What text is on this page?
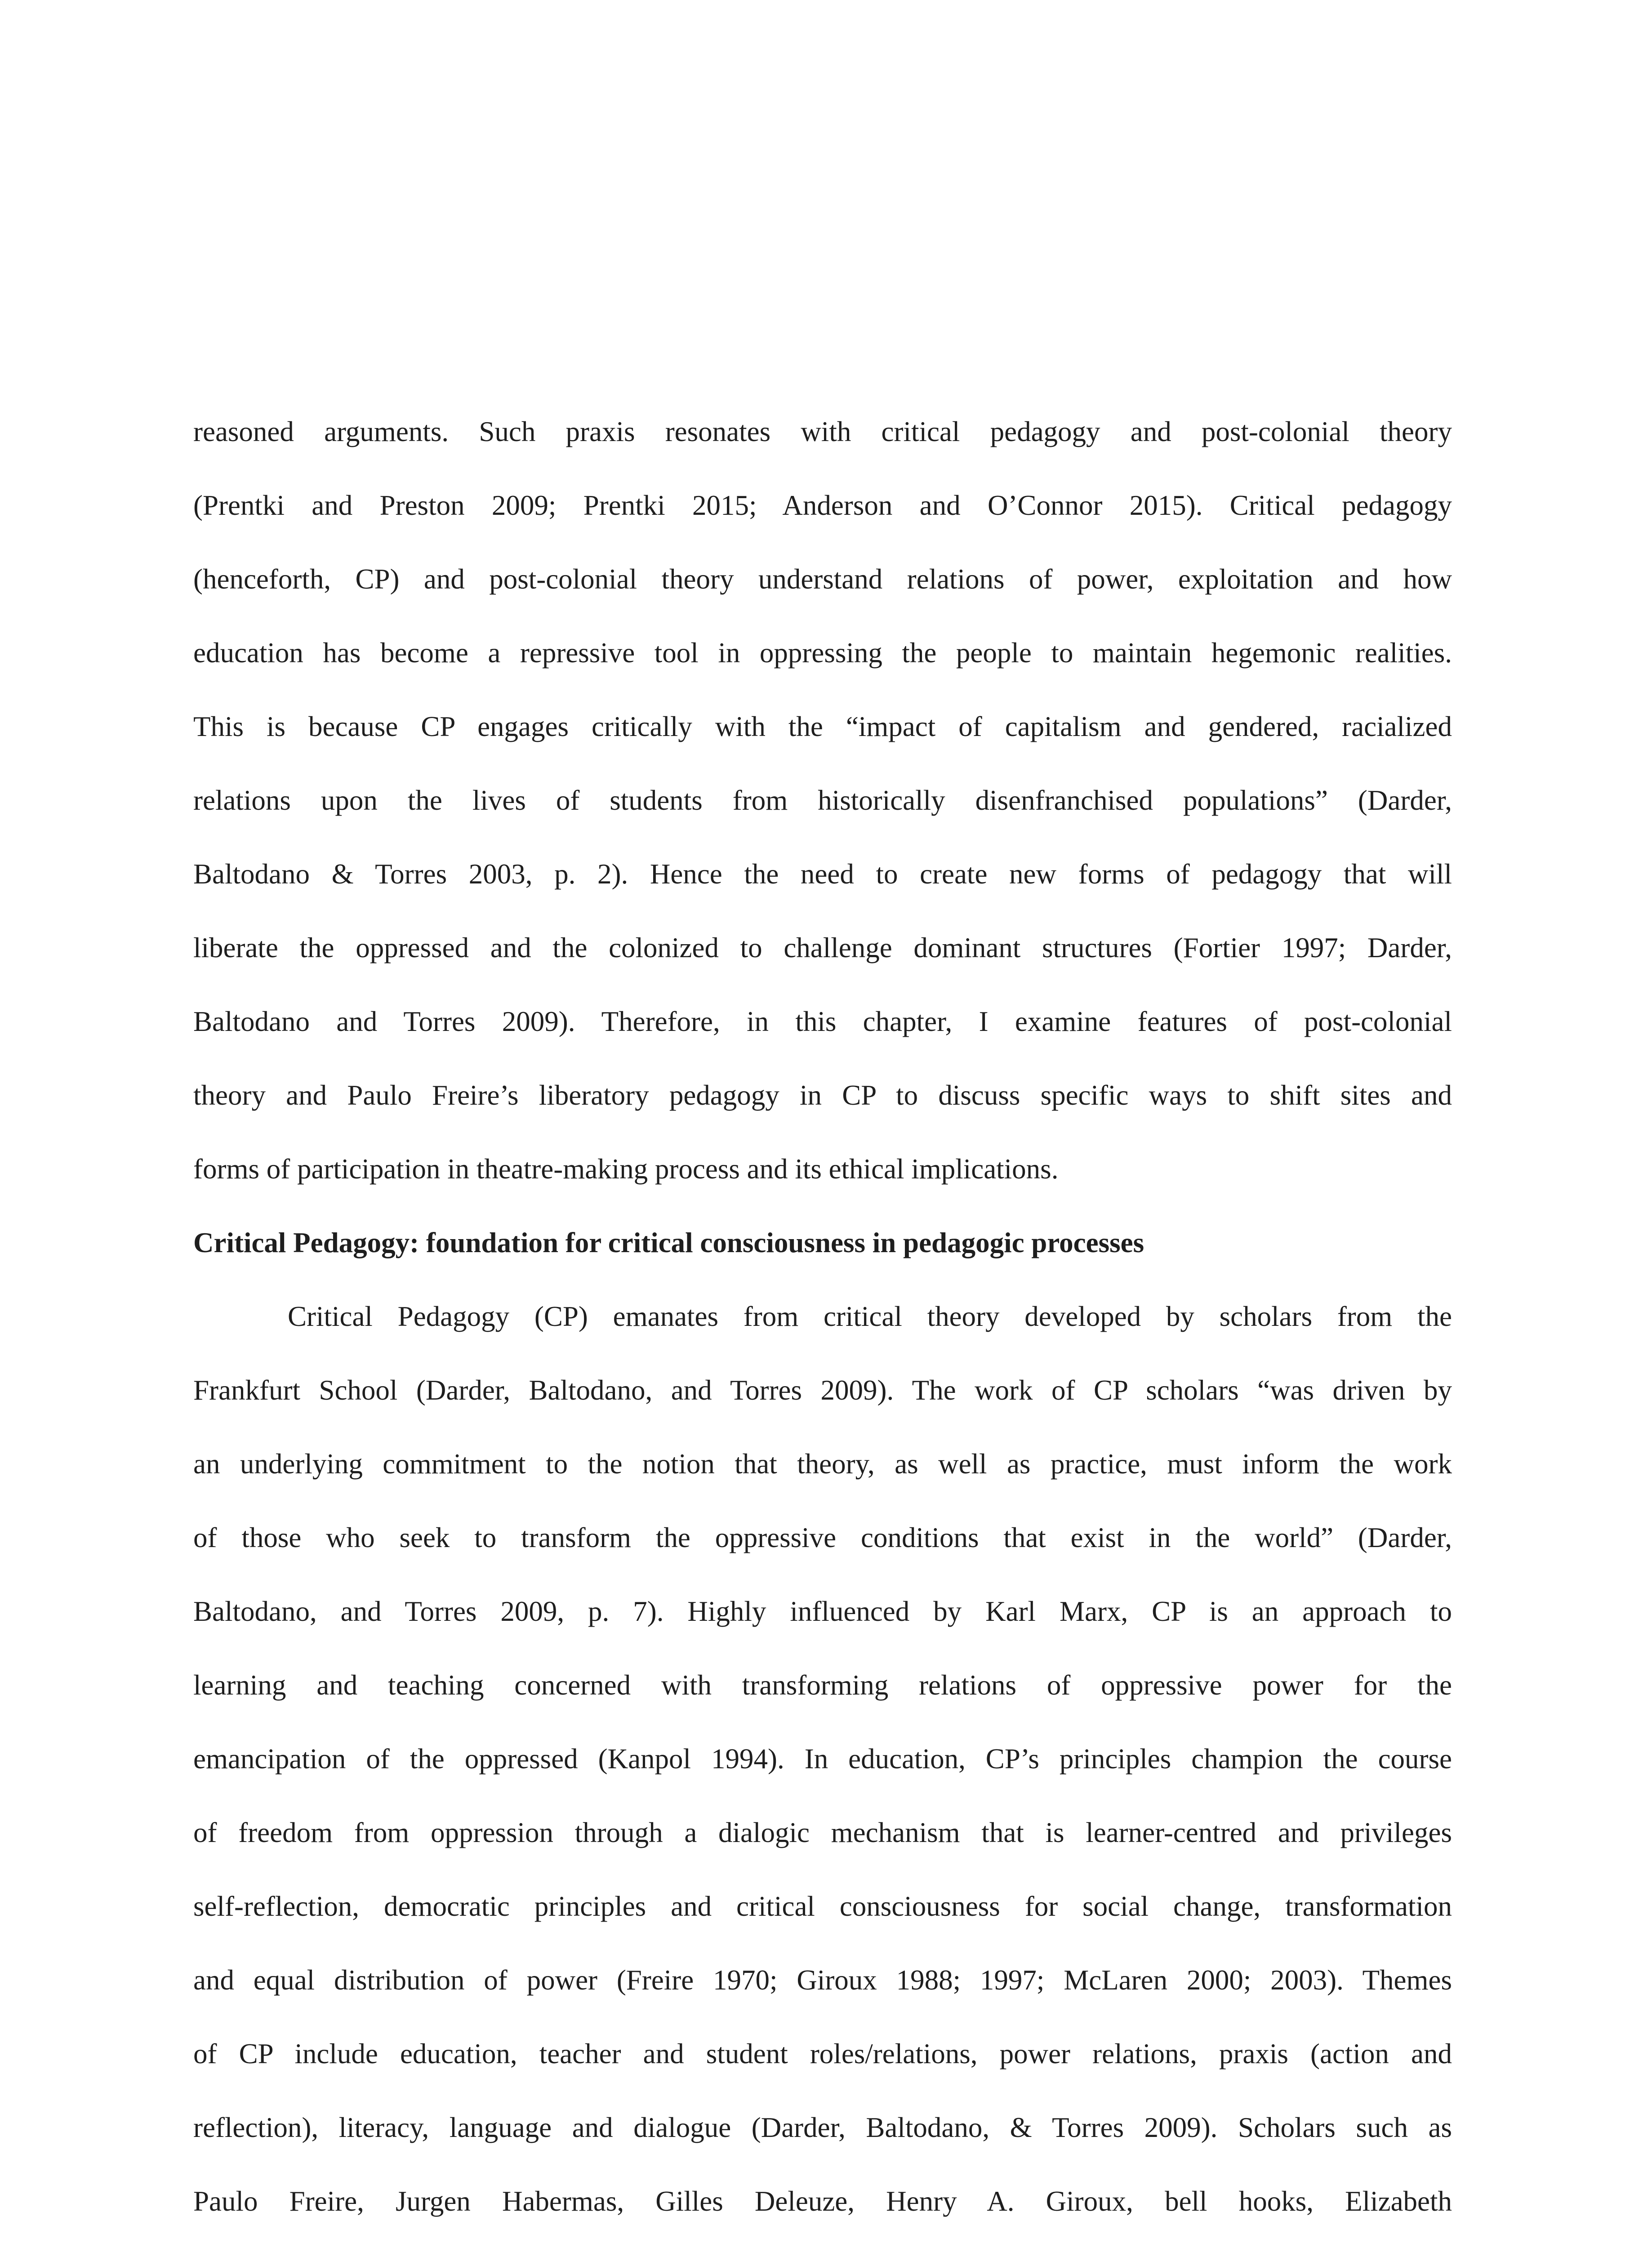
reasoned arguments. Such praxis resonates with critical pedagogy and post-colonial theory
(Prentki and Preston 2009; Prentki 2015; Anderson and O’Connor 2015). Critical pedagogy
(henceforth, CP) and post-colonial theory understand relations of power, exploitation and how
education has become a repressive tool in oppressing the people to maintain hegemonic realities.
This is because CP engages critically with the “impact of capitalism and gendered, racialized
relations upon the lives of students from historically disenfranchised populations” (Darder,
Baltodano & Torres 2003, p. 2). Hence the need to create new forms of pedagogy that will
liberate the oppressed and the colonized to challenge dominant structures (Fortier 1997; Darder,
Baltodano and Torres 2009). Therefore, in this chapter, I examine features of post-colonial
theory and Paulo Freire’s liberatory pedagogy in CP to discuss specific ways to shift sites and
forms of participation in theatre-making process and its ethical implications.
Critical Pedagogy: foundation for critical consciousness in pedagogic processes
Critical Pedagogy (CP) emanates from critical theory developed by scholars from the
Frankfurt School (Darder, Baltodano, and Torres 2009). The work of CP scholars “was driven by
an underlying commitment to the notion that theory, as well as practice, must inform the work
of those who seek to transform the oppressive conditions that exist in the world” (Darder,
Baltodano, and Torres 2009, p. 7). Highly influenced by Karl Marx, CP is an approach to
learning and teaching concerned with transforming relations of oppressive power for the
emancipation of the oppressed (Kanpol 1994). In education, CP’s principles champion the course
of freedom from oppression through a dialogic mechanism that is learner-centred and privileges
self-reflection, democratic principles and critical consciousness for social change, transformation
and equal distribution of power (Freire 1970; Giroux 1988; 1997; McLaren 2000; 2003). Themes
of CP include education, teacher and student roles/relations, power relations, praxis (action and
reflection), literacy, language and dialogue (Darder, Baltodano, & Torres 2009). Scholars such as
Paulo Freire, Jurgen Habermas, Gilles Deleuze, Henry A. Giroux, bell hooks, Elizabeth
